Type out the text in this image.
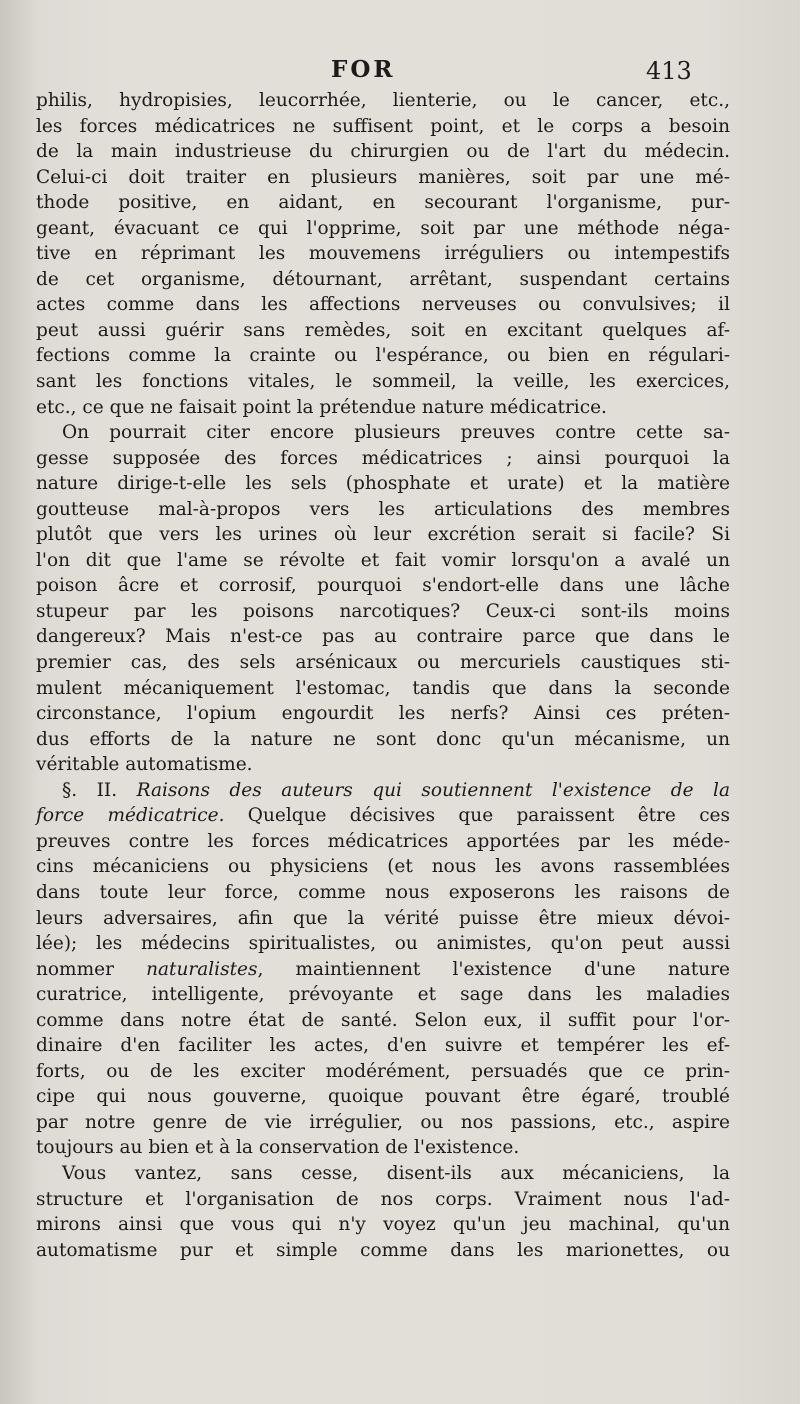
FOR	413
philis, hydropisies, leucorrhée, lienterie, ou le cancer, etc.,
les forces médicatrices ne suffisent point, et le corps a besoin
de la main industrieuse du chirurgien ou de l'art du médecin.
Celui-ci doit traiter en plusieurs manières, soit par une mé-
thode positive, en aidant, en secourant l'organisme, pur-
geant, évacuant ce qui l'opprime, soit par une méthode néga-
tive en réprimant les mouvemens irréguliers ou intempestifs
de cet organisme, détournant, arrêtant, suspendant certains
actes comme dans les affections nerveuses ou convulsives; il
peut aussi guérir sans remèdes, soit en excitant quelques af-
fections comme la crainte ou l'espérance, ou bien en régulari-
sant les fonctions vitales, le sommeil, la veille, les exercices,
etc., ce que ne faisait point la prétendue nature médicatrice.
On pourrait citer encore plusieurs preuves contre cette sa-
gesse supposée des forces médicatrices ; ainsi pourquoi la
nature dirige-t-elle les sels (phosphate et urate) et la matière
goutteuse mal-à-propos vers les articulations des membres
plutôt que vers les urines où leur excrétion serait si facile? Si
l'on dit que l'ame se révolte et fait vomir lorsqu'on a avalé un
poison âcre et corrosif, pourquoi s'endort-elle dans une lâche
stupeur par les poisons narcotiques? Ceux-ci sont-ils moins
dangereux? Mais n'est-ce pas au contraire parce que dans le
premier cas, des sels arsénicaux ou mercuriels caustiques sti-
mulent mécaniquement l'estomac, tandis que dans la seconde
circonstance, l'opium engourdit les nerfs? Ainsi ces préten-
dus efforts de la nature ne sont donc qu'un mécanisme, un
véritable automatisme.
§. II. Raisons des auteurs qui soutiennent l'existence de la
force médicatrice. Quelque décisives que paraissent être ces
preuves contre les forces médicatrices apportées par les méde-
cins mécaniciens ou physiciens (et nous les avons rassemblées
dans toute leur force, comme nous exposerons les raisons de
leurs adversaires, afin que la vérité puisse être mieux dévoi-
lée); les médecins spiritualistes, ou animistes, qu'on peut aussi
nommer naturalistes, maintiennent l'existence d'une nature
curatrice, intelligente, prévoyante et sage dans les maladies
comme dans notre état de santé. Selon eux, il suffit pour l'or-
dinaire d'en faciliter les actes, d'en suivre et tempérer les ef-
forts, ou de les exciter modérément, persuadés que ce prin-
cipe qui nous gouverne, quoique pouvant être égaré, troublé
par notre genre de vie irrégulier, ou nos passions, etc., aspire
toujours au bien et à la conservation de l'existence.
Vous vantez, sans cesse, disent-ils aux mécaniciens, la
structure et l'organisation de nos corps. Vraiment nous l'ad-
mirons ainsi que vous qui n'y voyez qu'un jeu machinal, qu'un
automatisme pur et simple comme dans les marionettes, ou
